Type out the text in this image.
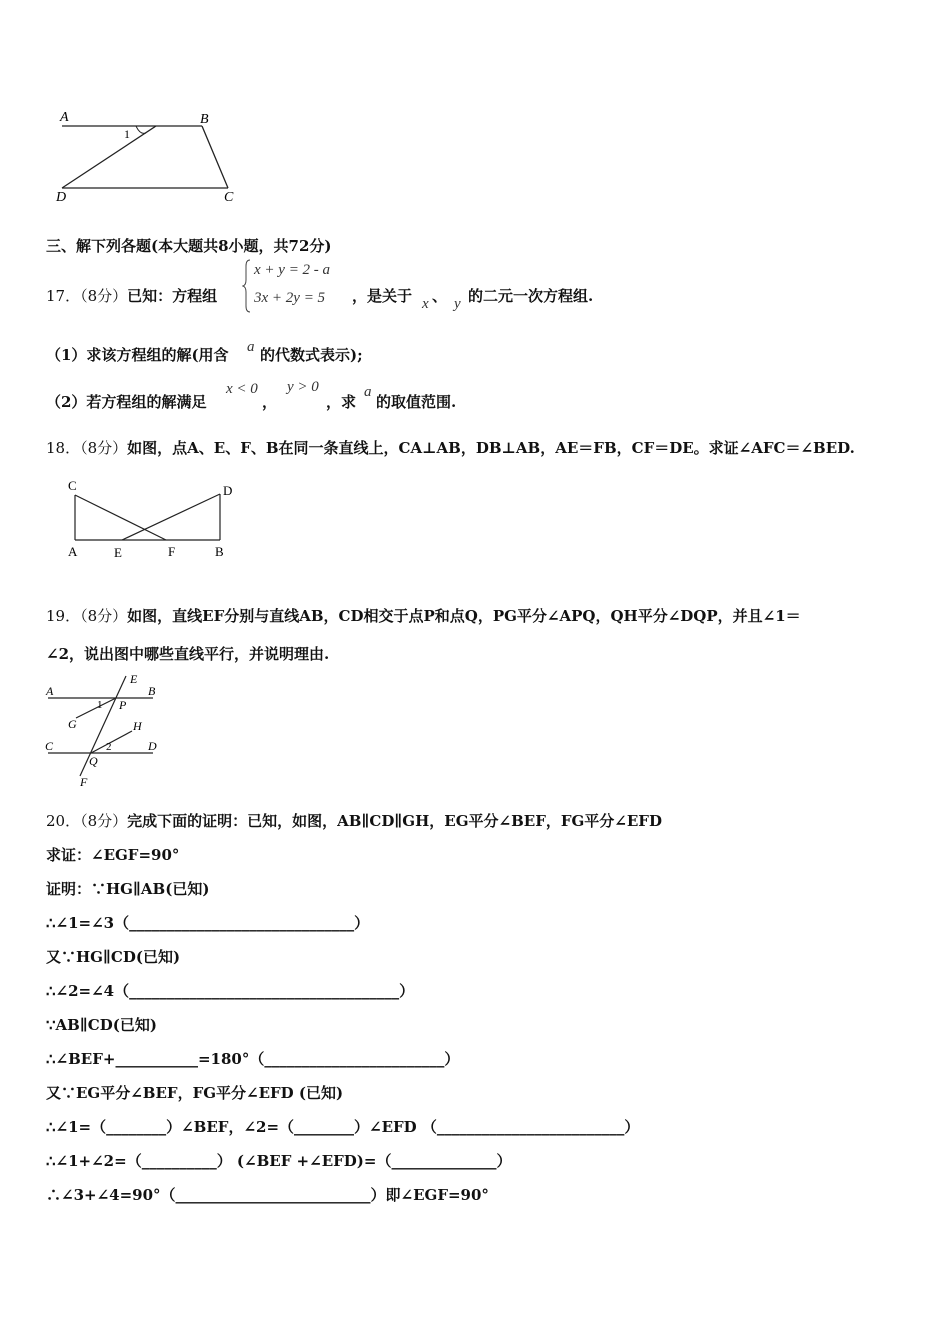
A	B
C
D
1
三、解下列各题(本大题共8小题，共72分)
17．（8分）已知：方程组
x + y = 2 - a
3x + 2y = 5 ，是关于 x 、 y 的二元一次方程组.
（1）求该方程组的解(用含 a 的代数式表示);
（2）若方程组的解满足
x < 0
，
y > 0
，求
a
的取值范围.
18．（8分）如图，点A、E、F、B在同一条直线上，CA⊥AB，DB⊥AB，AE＝FB，CF＝DE。求证∠AFC＝∠BED.
C	D
A	E	F	B
19．（8分）如图，直线EF分别与直线AB，CD相交于点P和点Q，PG平分∠APQ，QH平分∠DQP，并且∠1＝
∠2，说出图中哪些直线平行，并说明理由.
A	B
E
P
1
G	H
C	2	D
Q
F
20．（8分）完成下面的证明：已知，如图，AB∥CD∥GH，EG平分∠BEF，FG平分∠EFD
求证：∠EGF=90°
证明：∵HG∥AB(已知)
∴∠1=∠3（______________________________）
又∵HG∥CD(已知)
∴∠2=∠4（____________________________________）
∵AB∥CD(已知)
∴∠BEF+___________=180°（________________________）
又∵EG平分∠BEF，FG平分∠EFD (已知)
∴∠1=（________）∠BEF，∠2=（________）∠EFD （_________________________）
∴∠1+∠2=（__________） (∠BEF +∠EFD)=（______________）
∴∠3+∠4=90°（__________________________）即∠EGF=90°
